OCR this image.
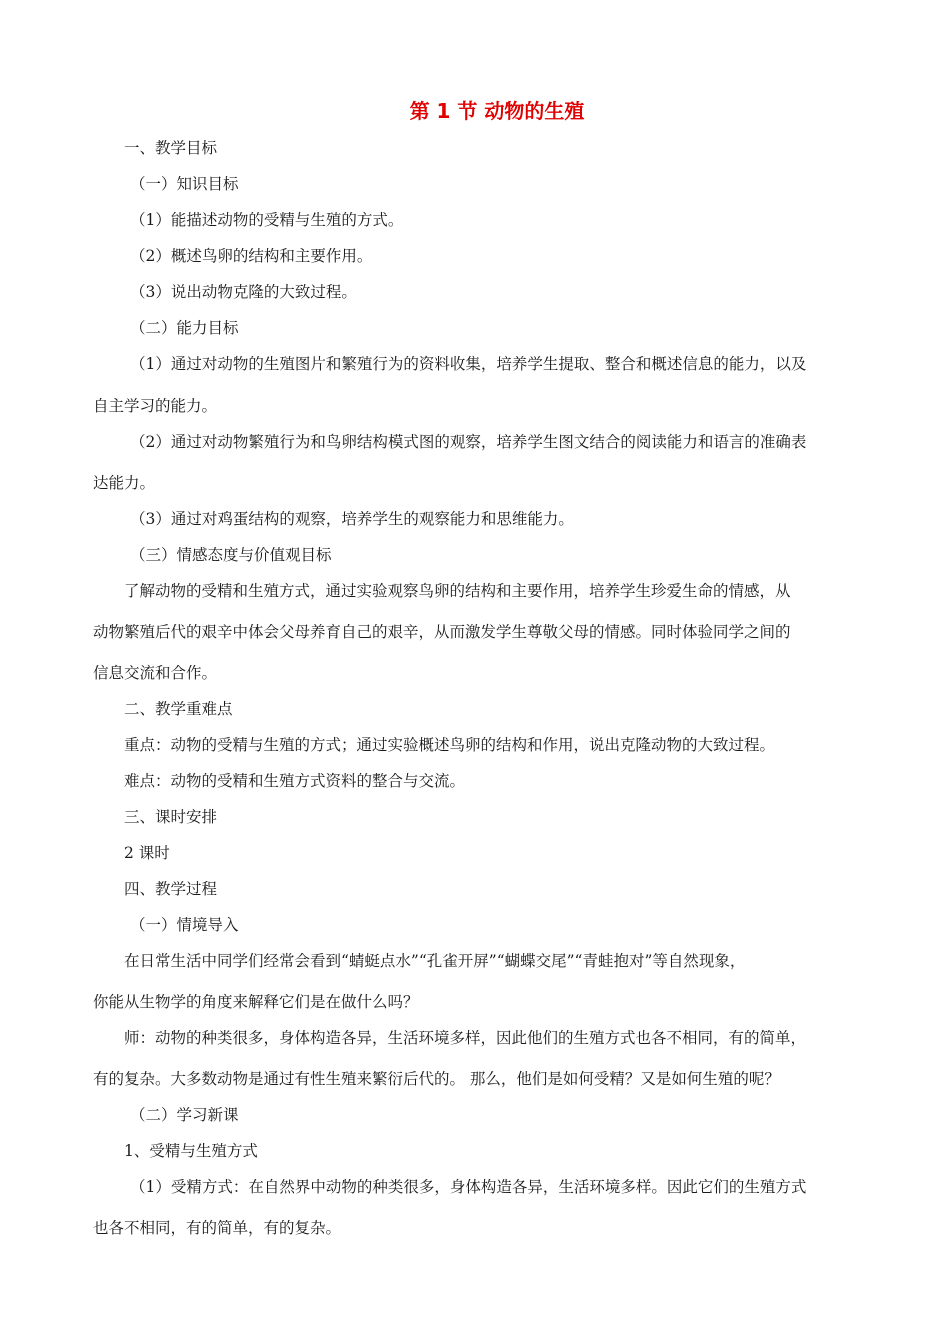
第 1 节 动物的生殖

一、教学目标

（一）知识目标

（1）能描述动物的受精与生殖的方式。

（2）概述鸟卵的结构和主要作用。

（3）说出动物克隆的大致过程。

（二）能力目标

（1）通过对动物的生殖图片和繁殖行为的资料收集，培养学生提取、整合和概述信息的能力，以及

自主学习的能力。

（2）通过对动物繁殖行为和鸟卵结构模式图的观察，培养学生图文结合的阅读能力和语言的准确表

达能力。

（3）通过对鸡蛋结构的观察，培养学生的观察能力和思维能力。

（三）情感态度与价值观目标

了解动物的受精和生殖方式，通过实验观察鸟卵的结构和主要作用，培养学生珍爱生命的情感，从

动物繁殖后代的艰辛中体会父母养育自己的艰辛，从而激发学生尊敬父母的情感。同时体验同学之间的

信息交流和合作。

二、教学重难点

重点：动物的受精与生殖的方式；通过实验概述鸟卵的结构和作用，说出克隆动物的大致过程。

难点：动物的受精和生殖方式资料的整合与交流。

三、课时安排

2 课时

四、教学过程

（一）情境导入

在日常生活中同学们经常会看到“蜻蜓点水”“孔雀开屏”“蝴蝶交尾”“青蛙抱对”等自然现象，

你能从生物学的角度来解释它们是在做什么吗？

师：动物的种类很多，身体构造各异，生活环境多样，因此他们的生殖方式也各不相同，有的简单，

有的复杂。大多数动物是通过有性生殖来繁衍后代的。 那么，他们是如何受精？又是如何生殖的呢？

（二）学习新课

1、受精与生殖方式

（1）受精方式：在自然界中动物的种类很多，身体构造各异，生活环境多样。因此它们的生殖方式

也各不相同，有的简单，有的复杂。
